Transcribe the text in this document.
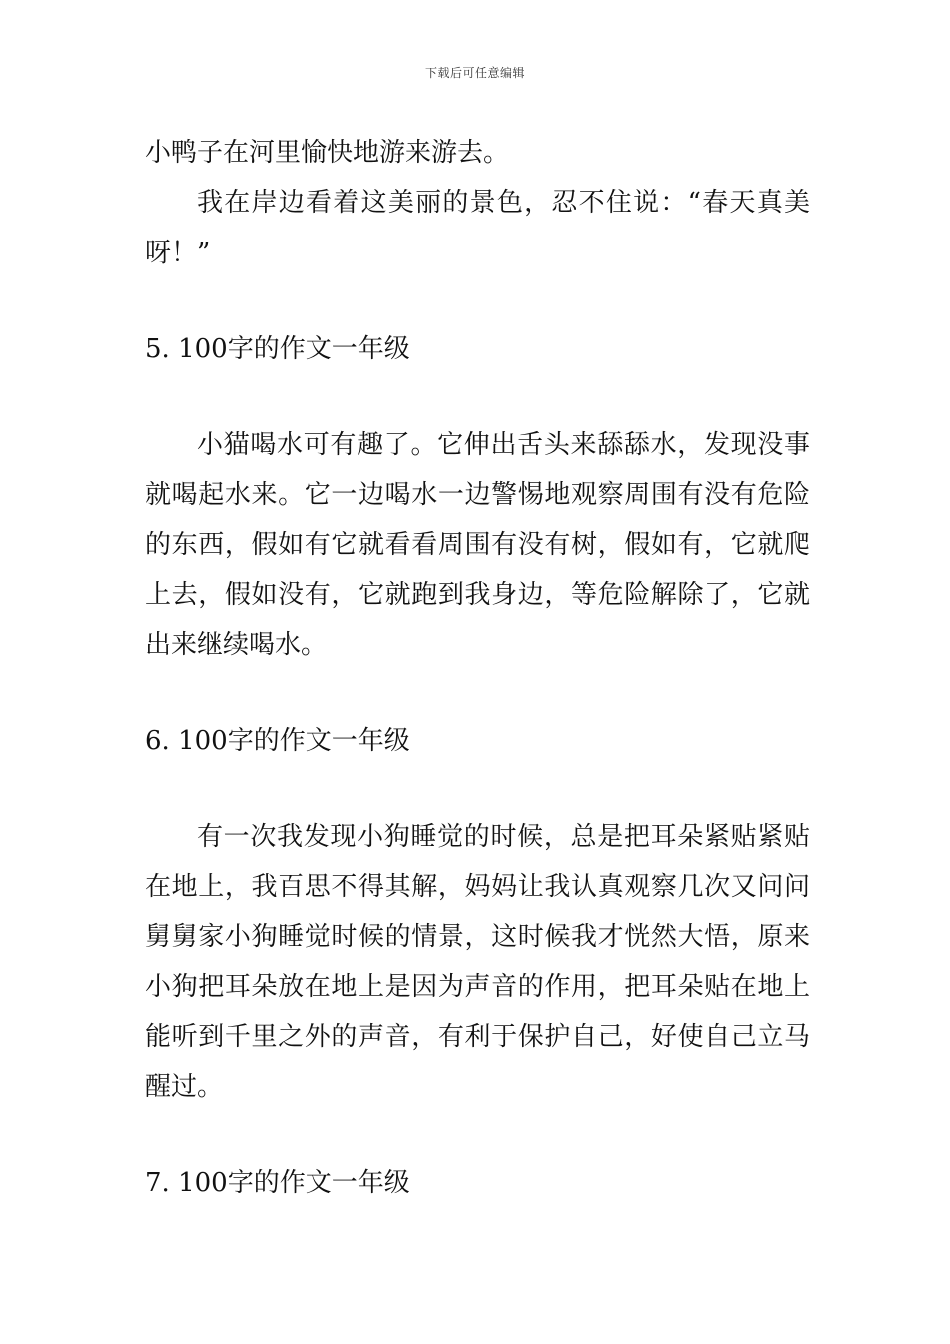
下载后可任意编辑

小鸭子在河里愉快地游来游去。

我在岸边看着这美丽的景色，忍不住说：“春天真美呀！”

5. 100字的作文一年级

小猫喝水可有趣了。它伸出舌头来舔舔水，发现没事就喝起水来。它一边喝水一边警惕地观察周围有没有危险的东西，假如有它就看看周围有没有树，假如有，它就爬上去，假如没有，它就跑到我身边，等危险解除了，它就出来继续喝水。

6. 100字的作文一年级

有一次我发现小狗睡觉的时候，总是把耳朵紧贴紧贴在地上，我百思不得其解，妈妈让我认真观察几次又问问舅舅家小狗睡觉时候的情景，这时候我才恍然大悟，原来小狗把耳朵放在地上是因为声音的作用，把耳朵贴在地上能听到千里之外的声音，有利于保护自己，好使自己立马醒过。

7. 100字的作文一年级
